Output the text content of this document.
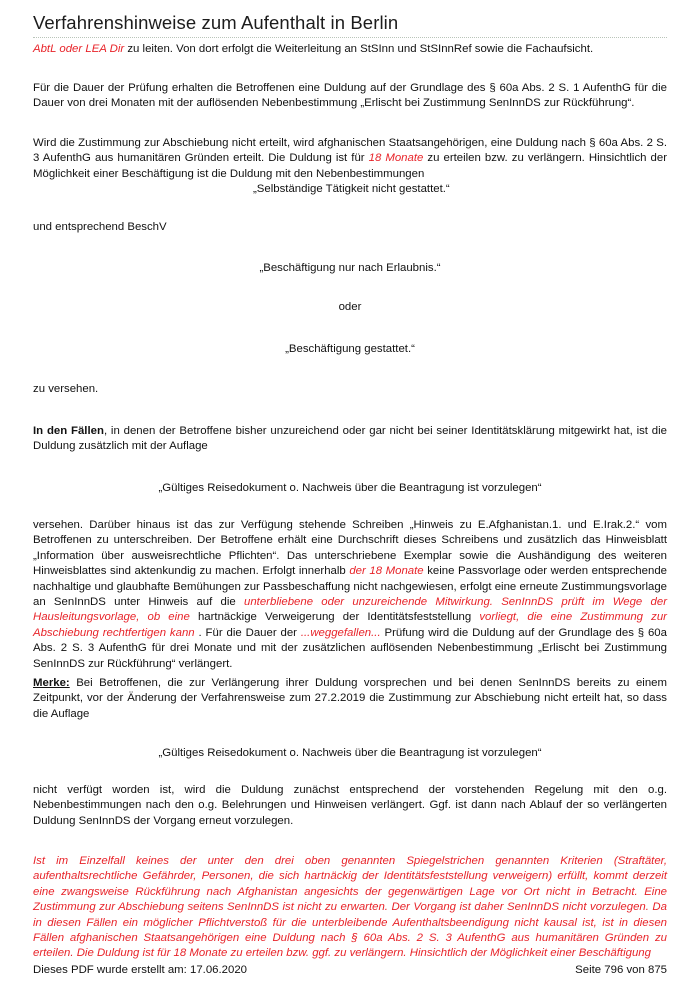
Verfahrenshinweise zum Aufenthalt in Berlin
AbtL oder LEA Dir zu leiten. Von dort erfolgt die Weiterleitung an StSInn und StSInnRef sowie die Fachaufsicht.
Für die Dauer der Prüfung erhalten die Betroffenen eine Duldung auf der Grundlage des § 60a Abs. 2 S. 1 AufenthG für die Dauer von drei Monaten mit der auflösenden Nebenbestimmung „Erlischt bei Zustimmung SenInnDS zur Rückführung“.
Wird die Zustimmung zur Abschiebung nicht erteilt, wird afghanischen Staatsangehörigen, eine Duldung nach § 60a Abs. 2 S. 3 AufenthG aus humanitären Gründen erteilt. Die Duldung ist für 18 Monate zu erteilen bzw. zu verlängern. Hinsichtlich der Möglichkeit einer Beschäftigung ist die Duldung mit den Nebenbestimmungen
„Selbständige Tätigkeit nicht gestattet.“
und entsprechend BeschV
„Beschäftigung nur nach Erlaubnis.“
oder
„Beschäftigung gestattet.“
zu versehen.
In den Fällen, in denen der Betroffene bisher unzureichend oder gar nicht bei seiner Identitätsklärung mitgewirkt hat, ist die Duldung zusätzlich mit der Auflage
„Gültiges Reisedokument o. Nachweis über die Beantragung ist vorzulegen“
versehen. Darüber hinaus ist das zur Verfügung stehende Schreiben „Hinweis zu E.Afghanistan.1. und E.Irak.2.“ vom Betroffenen zu unterschreiben. Der Betroffene erhält eine Durchschrift dieses Schreibens und zusätzlich das Hinweisblatt „Information über ausweisrechtliche Pflichten“. Das unterschriebene Exemplar sowie die Aushändigung des weiteren Hinweisblattes sind aktenkundig zu machen. Erfolgt innerhalb der 18 Monate keine Passvorlage oder werden entsprechende nachhaltige und glaubhafte Bemühungen zur Passbeschaffung nicht nachgewiesen, erfolgt eine erneute Zustimmungsvorlage an SenInnDS unter Hinweis auf die unterbliebene oder unzureichende Mitwirkung. SenInnDS prüft im Wege der Hausleitungsvorlage, ob eine hartnäckige Verweigerung der Identitätsfeststellung vorliegt, die eine Zustimmung zur Abschiebung rechtfertigen kann . Für die Dauer der ...weggefallen... Prüfung wird die Duldung auf der Grundlage des § 60a Abs. 2 S. 3 AufenthG für drei Monate und mit der zusätzlichen auflösenden Nebenbestimmung „Erlischt bei Zustimmung SenInnDS zur Rückführung“ verlängert.
Merke: Bei Betroffenen, die zur Verlängerung ihrer Duldung vorsprechen und bei denen SenInnDS bereits zu einem Zeitpunkt, vor der Änderung der Verfahrensweise zum 27.2.2019 die Zustimmung zur Abschiebung nicht erteilt hat, so dass die Auflage
„Gültiges Reisedokument o. Nachweis über die Beantragung ist vorzulegen“
nicht verfügt worden ist, wird die Duldung zunächst entsprechend der vorstehenden Regelung mit den o.g. Nebenbestimmungen nach den o.g. Belehrungen und Hinweisen verlängert. Ggf. ist dann nach Ablauf der so verlängerten Duldung SenInnDS der Vorgang erneut vorzulegen.
Ist im Einzelfall keines der unter den drei oben genannten Spiegelstrichen genannten Kriterien (Straftäter, aufenthaltsrechtliche Gefährder, Personen, die sich hartnäckig der Identitätsfeststellung verweigern) erfüllt, kommt derzeit eine zwangsweise Rückführung nach Afghanistan angesichts der gegenwärtigen Lage vor Ort nicht in Betracht. Eine Zustimmung zur Abschiebung seitens SenInnDS ist nicht zu erwarten. Der Vorgang ist daher SenInnDS nicht vorzulegen. Da in diesen Fällen ein möglicher Pflichtverstoß für die unterbleibende Aufenthaltsbeendigung nicht kausal ist, ist in diesen Fällen afghanischen Staatsangehörigen eine Duldung nach § 60a Abs. 2 S. 3 AufenthG aus humanitären Gründen zu erteilen. Die Duldung ist für 18 Monate zu erteilen bzw. ggf. zu verlängern. Hinsichtlich der Möglichkeit einer Beschäftigung
Dieses PDF wurde erstellt am: 17.06.2020	Seite 796 von 875
